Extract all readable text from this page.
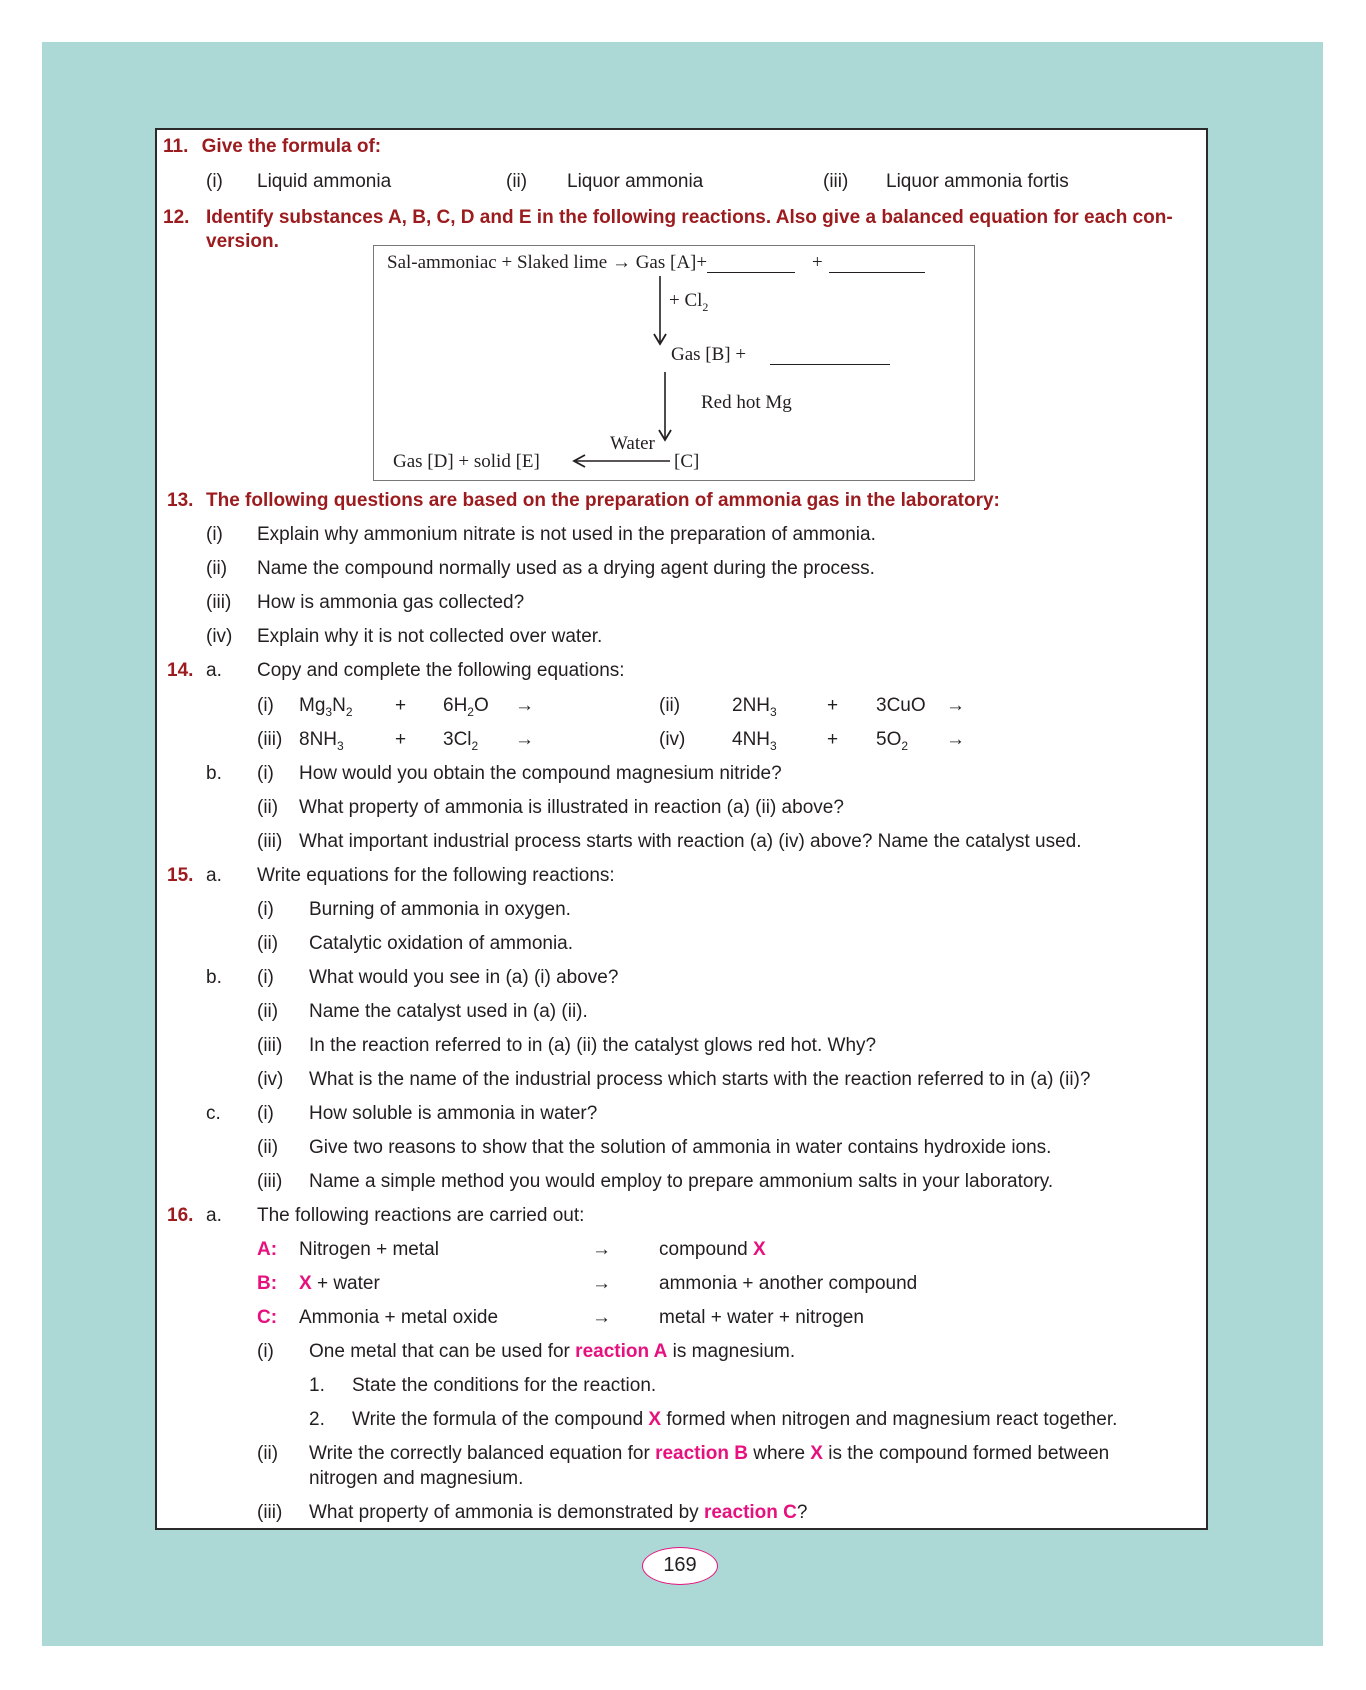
11. Give the formula of:
(i) Liquid ammonia	(ii) Liquor ammonia	(iii) Liquor ammonia fortis
12. Identify substances A, B, C, D and E in the following reactions. Also give a balanced equation for each con-
version.
Sal-ammoniac + Slaked lime → Gas [A]+	+
+ $Cl_2$
Gas [B] +
Red hot Mg
Gas [D] + solid [E]
Water
[C]
13. The following questions are based on the preparation of ammonia gas in the laboratory:
(i) Explain why ammonium nitrate is not used in the preparation of ammonia.
(ii) Name the compound normally used as a drying agent during the process.
(iii) How is ammonia gas collected?
(iv) Explain why it is not collected over water.
14. a. Copy and complete the following equations:
(i) $Mg_3N_2 + 6H_2O$ →	(ii)	$2NH_3$	+ 3CuO →
(iii) $8NH_3$	+ $3Cl_2$ →	(iv) $4NH_3$	+ $5O_2$ →
b. (i) How would you obtain the compound magnesium nitride?
(ii) What property of ammonia is illustrated in reaction (a) (ii) above?
(iii) What important industrial process starts with reaction (a) (iv) above? Name the catalyst used.
15. a. Write equations for the following reactions:
(i) Burning of ammonia in oxygen.
(ii) Catalytic oxidation of ammonia.
b. (i) What would you see in (a) (i) above?
(ii) Name the catalyst used in (a) (ii).
(iii) In the reaction referred to in (a) (ii) the catalyst glows red hot. Why?
(iv) What is the name of the industrial process which starts with the reaction referred to in (a) (ii)?
c. (i) How soluble is ammonia in water?
(ii) Give two reasons to show that the solution of ammonia in water contains hydroxide ions.
(iii) Name a simple method you would employ to prepare ammonium salts in your laboratory.
16. a. The following reactions are carried out:
A: Nitrogen + metal	→	compound X
B: X + water	→	ammonia + another compound
C: Ammonia + metal oxide	→	metal + water + nitrogen
(i) One metal that can be used for reaction A is magnesium.
1. State the conditions for the reaction.
2. Write the formula of the compound X formed when nitrogen and magnesium react together.
(ii) Write the correctly balanced equation for reaction B where X is the compound formed between
nitrogen and magnesium.
(iii) What property of ammonia is demonstrated by reaction C?
169
